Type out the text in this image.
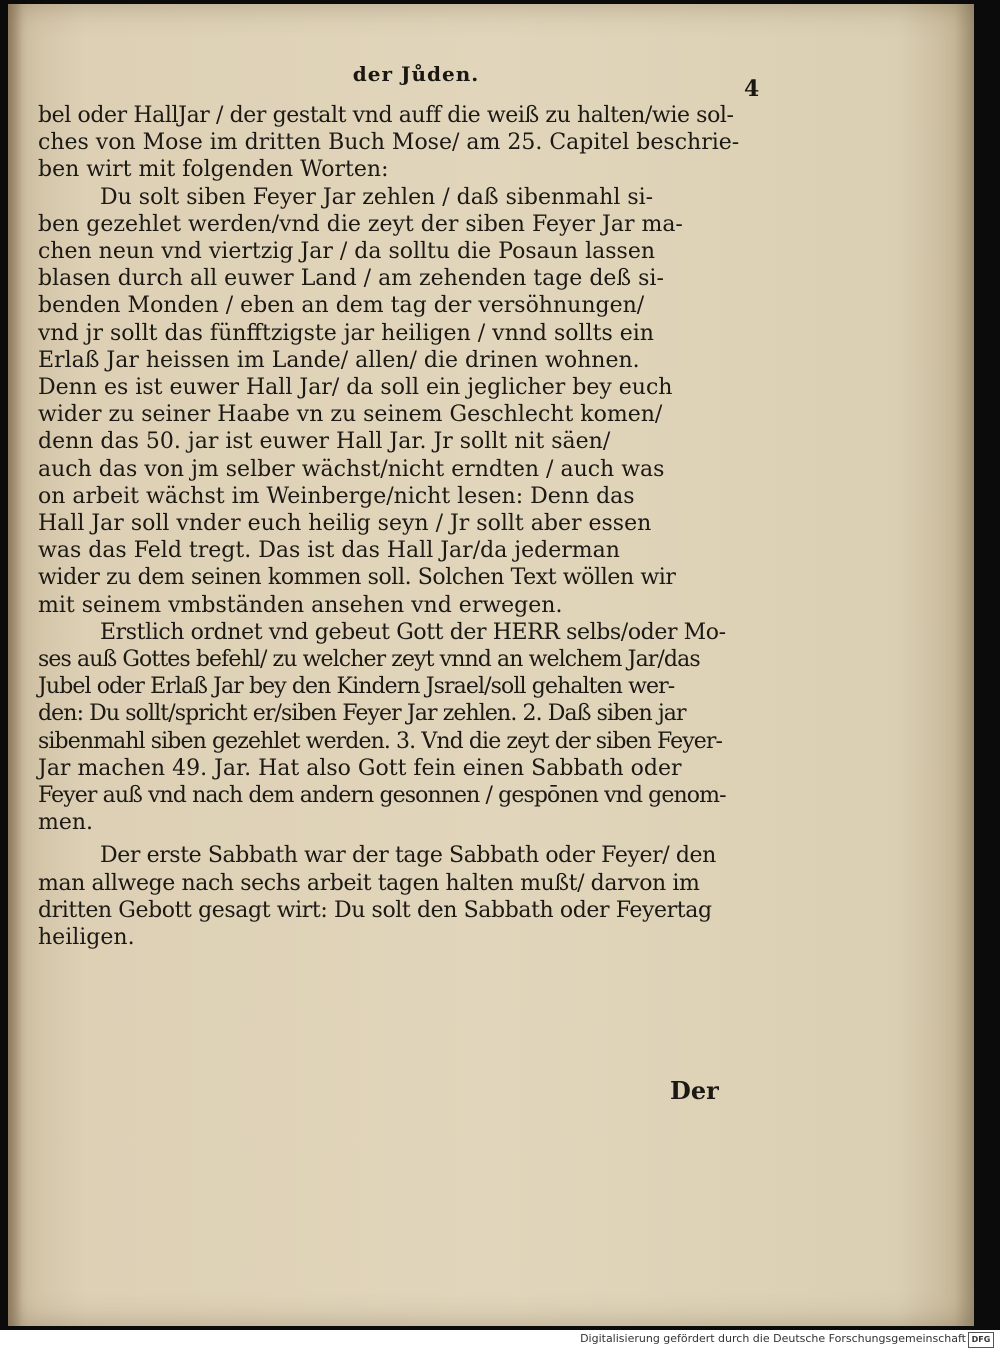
der Jůden.
4
bel oder HallJar / der gestalt vnd auff die weiß zu halten/wie sol-
ches von Mose im dritten Buch Mose/ am 25. Capitel beschrie-
ben wirt mit folgenden Worten:
Du solt siben Feyer Jar zehlen / daß sibenmahl si-
ben gezehlet werden/vnd die zeyt der siben Feyer Jar ma-
chen neun vnd viertzig Jar / da solltu die Posaun lassen
blasen durch all euwer Land / am zehenden tage deß si-
benden Monden / eben an dem tag der versöhnungen/
vnd jr sollt das fünfftzigste jar heiligen / vnnd sollts ein
Erlaß Jar heissen im Lande/ allen/ die drinen wohnen.
Denn es ist euwer Hall Jar/ da soll ein jeglicher bey euch
wider zu seiner Haabe vn zu seinem Geschlecht komen/
denn das 50. jar ist euwer Hall Jar. Jr sollt nit säen/
auch das von jm selber wächst/nicht erndten / auch was
on arbeit wächst im Weinberge/nicht lesen: Denn das
Hall Jar soll vnder euch heilig seyn / Jr sollt aber essen
was das Feld tregt. Das ist das Hall Jar/da jederman
wider zu dem seinen kommen soll. Solchen Text wöllen wir
mit seinem vmbständen ansehen vnd erwegen.
Erstlich ordnet vnd gebeut Gott der HERR selbs/oder Mo-
ses auß Gottes befehl/ zu welcher zeyt vnnd an welchem Jar/das
Jubel oder Erlaß Jar bey den Kindern Jsrael/soll gehalten wer-
den: Du sollt/spricht er/siben Feyer Jar zehlen. 2. Daß siben jar
sibenmahl siben gezehlet werden. 3. Vnd die zeyt der siben Feyer-
Jar machen 49. Jar. Hat also Gott fein einen Sabbath oder
Feyer auß vnd nach dem andern gesonnen / gespōnen vnd genom-
men.
Der erste Sabbath war der tage Sabbath oder Feyer/ den
man allwege nach sechs arbeit tagen halten mußt/ darvon im
dritten Gebott gesagt wirt: Du solt den Sabbath oder Feyertag
heiligen.
Der
Digitalisierung gefördert durch die Deutsche Forschungsgemeinschaft DFG
